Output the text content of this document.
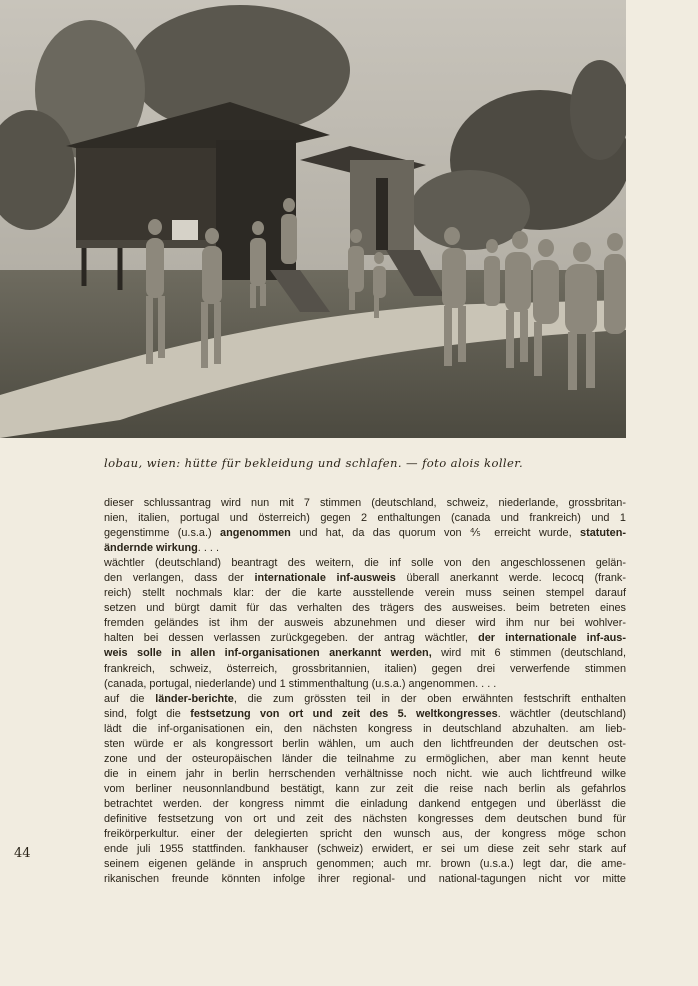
lobau, wien: hütte für bekleidung und schlafen. — foto alois koller.
dieser schlussantrag wird nun mit 7 stimmen (deutschland, schweiz, niederlande, grossbritan-
nien, italien, portugal und österreich) gegen 2 enthaltungen (canada und frankreich) und 1
gegenstimme (u.s.a.) angenommen und hat, da das quorum von ⅘ erreicht wurde, statuten-
ändernde wirkung. . . .
wächtler (deutschland) beantragt des weitern, die inf solle von den angeschlossenen gelän-
den verlangen, dass der internationale inf-ausweis überall anerkannt werde. lecocq (frank-
reich) stellt nochmals klar: der die karte ausstellende verein muss seinen stempel darauf
setzen und bürgt damit für das verhalten des trägers des ausweises. beim betreten eines
fremden geländes ist ihm der ausweis abzunehmen und dieser wird ihm nur bei wohlver-
halten bei dessen verlassen zurückgegeben. der antrag wächtler, der internationale inf-aus-
weis solle in allen inf-organisationen anerkannt werden, wird mit 6 stimmen (deutschland,
frankreich, schweiz, österreich, grossbritannien, italien) gegen drei verwerfende stimmen
(canada, portugal, niederlande) und 1 stimmenthaltung (u.s.a.) angenommen. . . .
auf die länder-berichte, die zum grössten teil in der oben erwähnten festschrift enthalten
sind, folgt die festsetzung von ort und zeit des 5. weltkongresses. wächtler (deutschland)
lädt die inf-organisationen ein, den nächsten kongress in deutschland abzuhalten. am lieb-
sten würde er als kongressort berlin wählen, um auch den lichtfreunden der deutschen ost-
zone und der osteuropäischen länder die teilnahme zu ermöglichen, aber man kennt heute
die in einem jahr in berlin herrschenden verhältnisse noch nicht. wie auch lichtfreund wilke
vom berliner neusonnlandbund bestätigt, kann zur zeit die reise nach berlin als gefahrlos
betrachtet werden. der kongress nimmt die einladung dankend entgegen und überlässt die
definitive festsetzung von ort und zeit des nächsten kongresses dem deutschen bund für
freikörperkultur. einer der delegierten spricht den wunsch aus, der kongress möge schon
ende juli 1955 stattfinden. fankhauser (schweiz) erwidert, er sei um diese zeit sehr stark auf
seinem eigenen gelände in anspruch genommen; auch mr. brown (u.s.a.) legt dar, die ame-
rikanischen freunde könnten infolge ihrer regional- und national-tagungen nicht vor mitte
44
